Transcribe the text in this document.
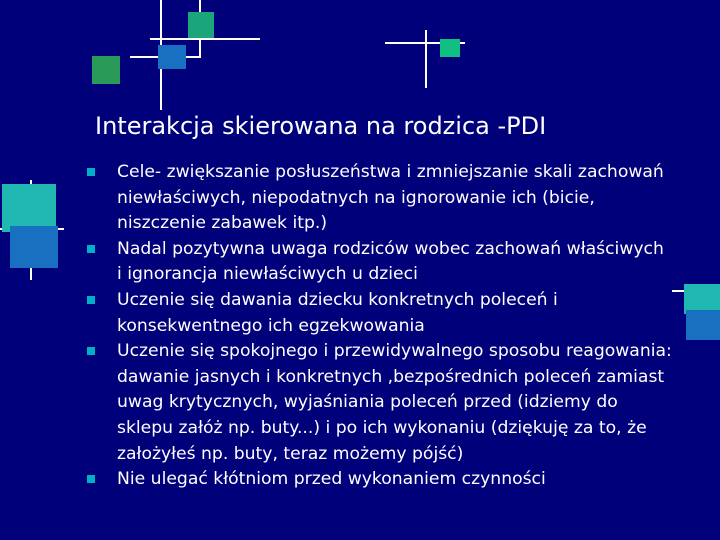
Interakcja skierowana na rodzica -PDI
Cele- zwiększanie posłuszeństwa i zmniejszanie skali zachowań niewłaściwych, niepodatnych na ignorowanie ich (bicie, niszczenie zabawek itp.)
Nadal pozytywna uwaga rodziców wobec zachowań właściwych i ignorancja niewłaściwych u dzieci
Uczenie się dawania dziecku konkretnych poleceń i konsekwentnego ich egzekwowania
Uczenie się spokojnego i przewidywalnego sposobu reagowania: dawanie jasnych i konkretnych ,bezpośrednich poleceń zamiast uwag krytycznych, wyjaśniania poleceń przed (idziemy do sklepu załóż np. buty...) i po ich wykonaniu (dziękuję za to, że założyłeś np. buty, teraz możemy pójść)
Nie ulegać kłótniom przed wykonaniem czynności
